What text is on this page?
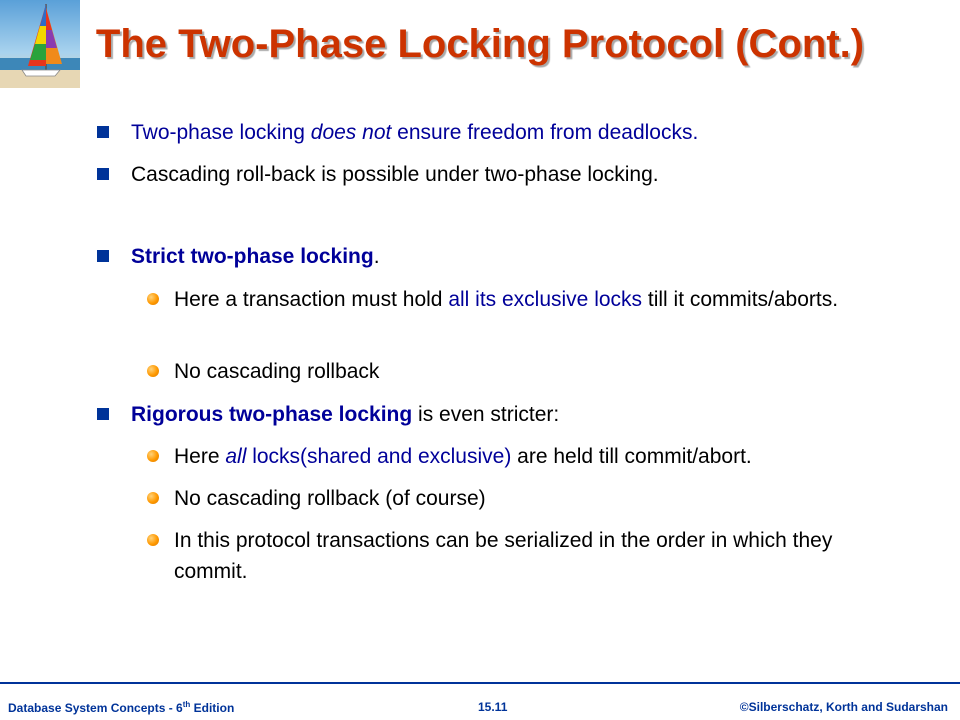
The Two-Phase Locking Protocol (Cont.)

Two-phase locking does not ensure freedom from deadlocks.

Cascading roll-back is possible under two-phase locking.

Strict two-phase locking.

Here a transaction must hold all its exclusive locks till it commits/aborts.

No cascading rollback

Rigorous two-phase locking is even stricter:

Here all locks(shared and exclusive) are held till commit/abort.

No cascading rollback (of course)

In this protocol transactions can be serialized in the order in which they commit.

Database System Concepts - 6th Edition	15.11	©Silberschatz, Korth and Sudarshan
